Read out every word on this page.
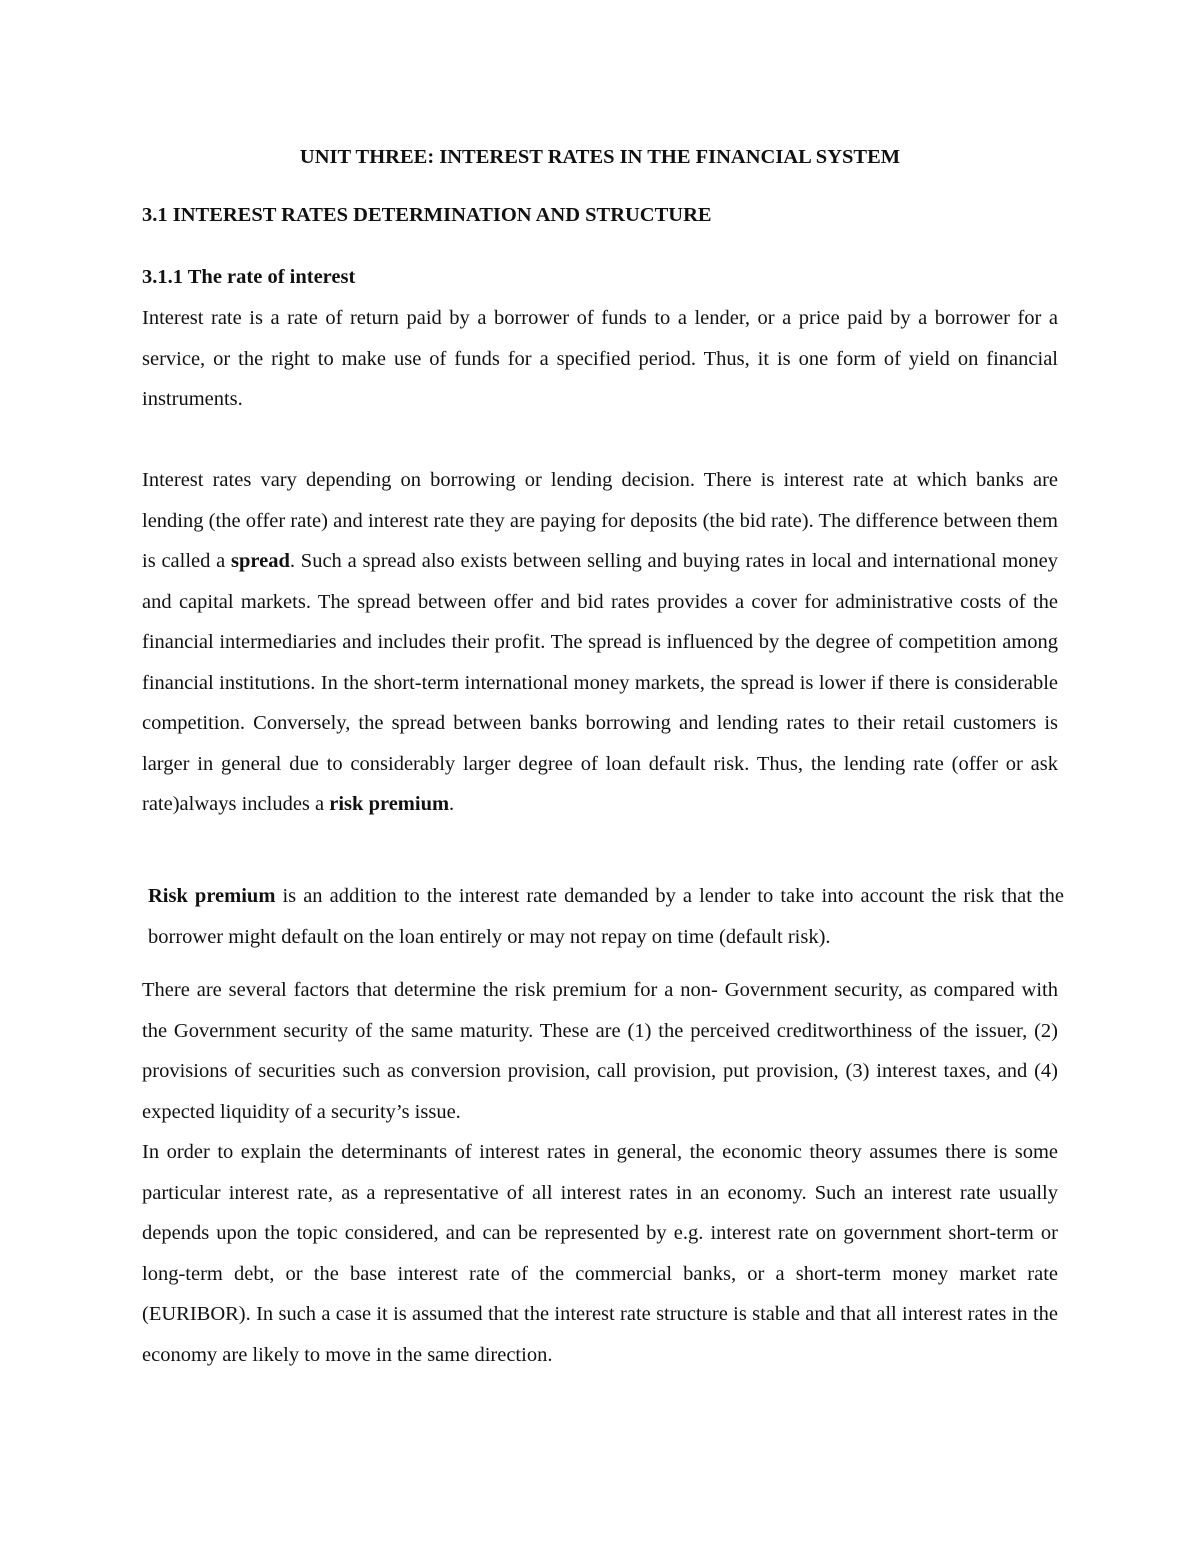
UNIT THREE: INTEREST RATES IN THE FINANCIAL SYSTEM
3.1 INTEREST RATES DETERMINATION AND STRUCTURE
3.1.1 The rate of interest

Interest rate is a rate of return paid by a borrower of funds to a lender, or a price paid by a borrower for a service, or the right to make use of funds for a specified period. Thus, it is one form of yield on financial instruments.

Interest rates vary depending on borrowing or lending decision. There is interest rate at which banks are lending (the offer rate) and interest rate they are paying for deposits (the bid rate). The difference between them is called a spread. Such a spread also exists between selling and buying rates in local and international money and capital markets. The spread between offer and bid rates provides a cover for administrative costs of the financial intermediaries and includes their profit. The spread is influenced by the degree of competition among financial institutions. In the short-term international money markets, the spread is lower if there is considerable competition. Conversely, the spread between banks borrowing and lending rates to their retail customers is larger in general due to considerably larger degree of loan default risk. Thus, the lending rate (offer or ask rate)always includes a risk premium.

Risk premium is an addition to the interest rate demanded by a lender to take into account the risk that the borrower might default on the loan entirely or may not repay on time (default risk).

There are several factors that determine the risk premium for a non- Government security, as compared with the Government security of the same maturity. These are (1) the perceived creditworthiness of the issuer, (2) provisions of securities such as conversion provision, call provision, put provision, (3) interest taxes, and (4) expected liquidity of a security’s issue.

In order to explain the determinants of interest rates in general, the economic theory assumes there is some particular interest rate, as a representative of all interest rates in an economy. Such an interest rate usually depends upon the topic considered, and can be represented by e.g. interest rate on government short-term or long-term debt, or the base interest rate of the commercial banks, or a short-term money market rate (EURIBOR). In such a case it is assumed that the interest rate structure is stable and that all interest rates in the economy are likely to move in the same direction.
